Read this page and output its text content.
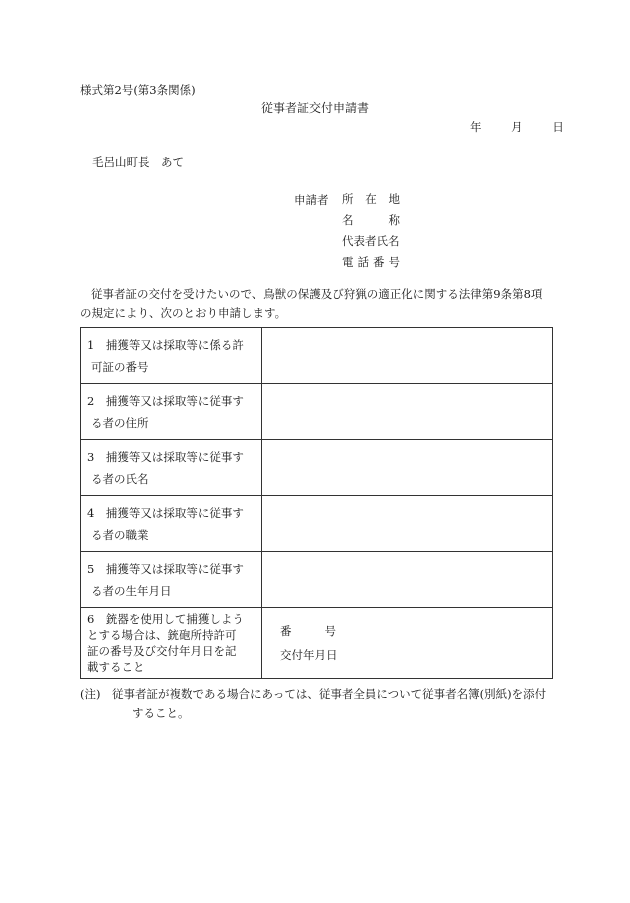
様式第2号(第3条関係)
従事者証交付申請書
年	月	日
毛呂山町長　あて
申請者 所 在 地
名	称
代表者氏名
電 話 番 号
従事者証の交付を受けたいので、鳥獣の保護及び狩猟の適正化に関する法律第9条第8項の規定により、次のとおり申請します。
1　捕獲等又は採取等に係る許
可証の番号	

2　捕獲等又は採取等に従事す
る者の住所	

3　捕獲等又は採取等に従事す
る者の氏名	

4　捕獲等又は採取等に従事す
る者の職業	

5　捕獲等又は採取等に従事す
る者の生年月日	

6　銃器を使用して捕獲しよう
とする場合は、銃砲所持許可
証の番号及び交付年月日を記
載すること	番 号
交付年月日
(注) 従事者証が複数である場合にあっては、従事者全員について従事者名簿(別紙)を添付
すること。
